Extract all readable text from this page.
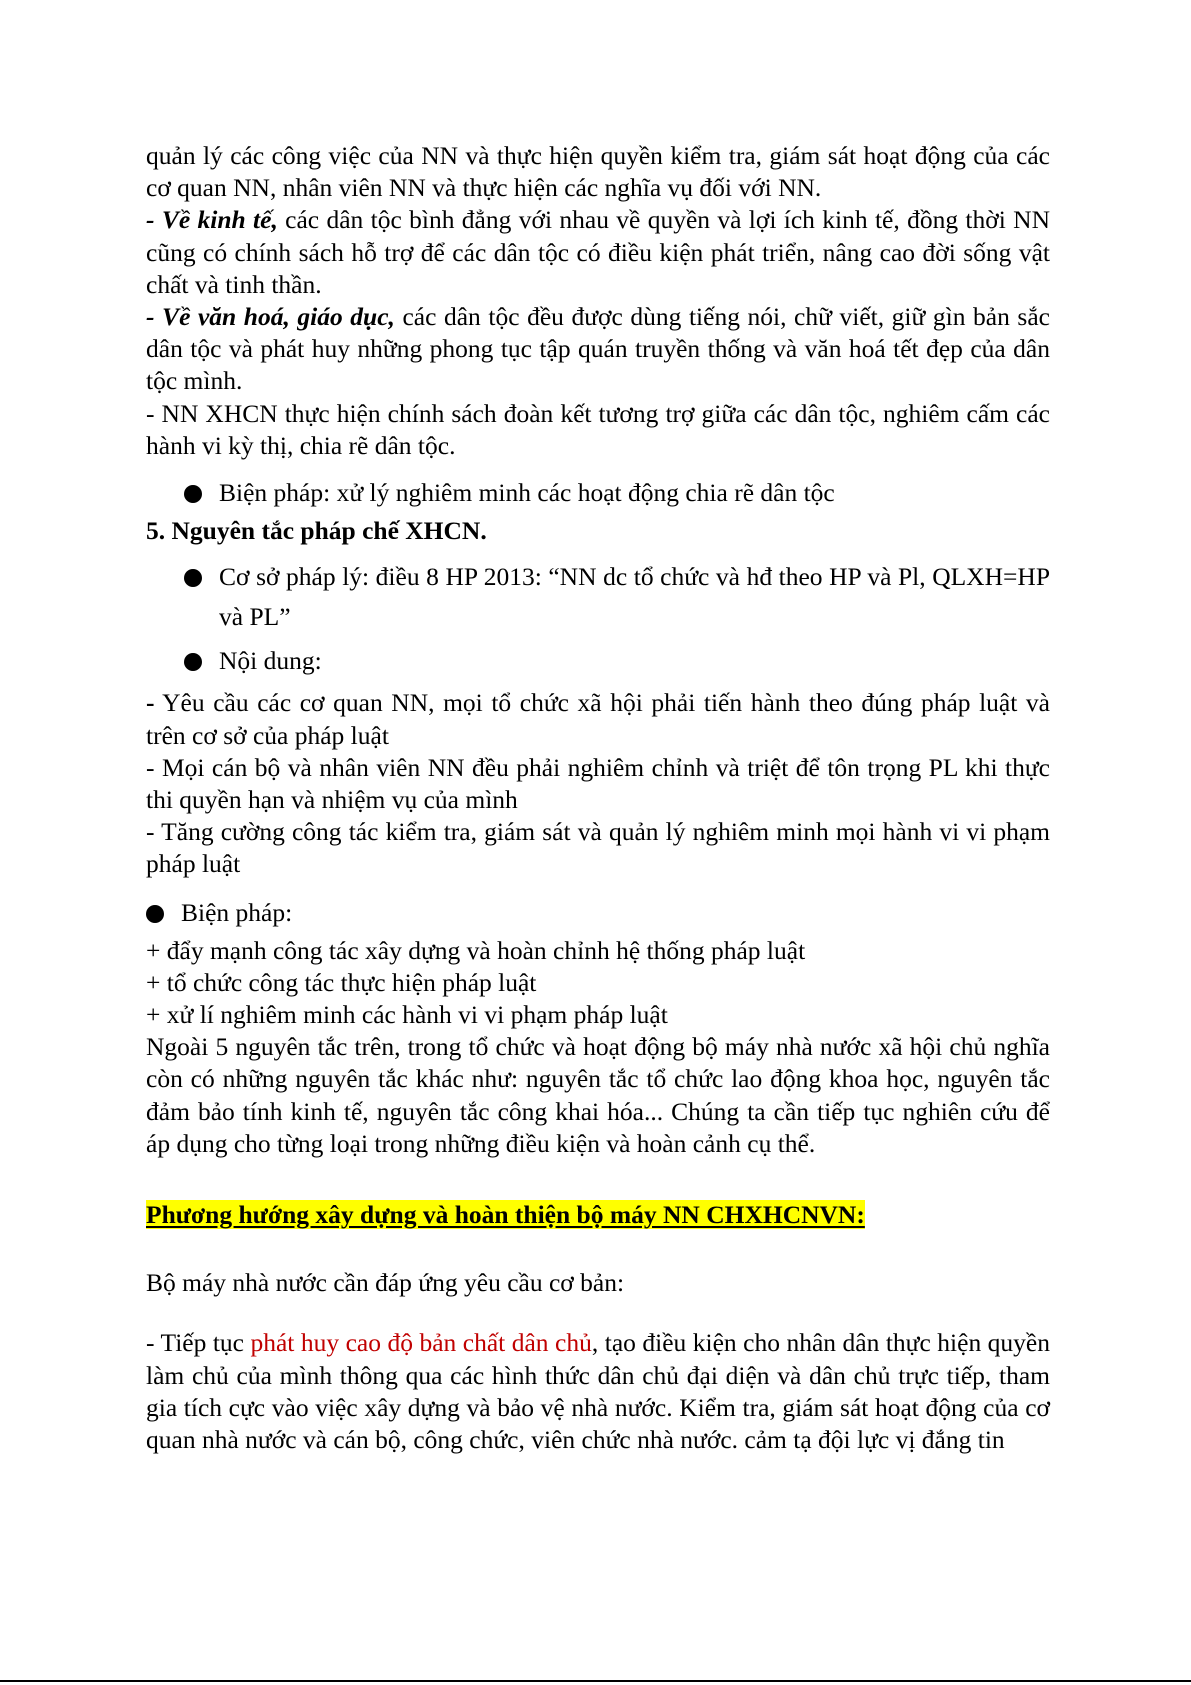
quản lý các công việc của NN và thực hiện quyền kiểm tra, giám sát hoạt động của các cơ quan NN, nhân viên NN và thực hiện các nghĩa vụ đối với NN.

- Về kinh tế, các dân tộc bình đẳng với nhau về quyền và lợi ích kinh tế, đồng thời NN cũng có chính sách hỗ trợ để các dân tộc có điều kiện phát triển, nâng cao đời sống vật chất và tinh thần.

- Về văn hoá, giáo dục, các dân tộc đều được dùng tiếng nói, chữ viết, giữ gìn bản sắc dân tộc và phát huy những phong tục tập quán truyền thống và văn hoá tết đẹp của dân tộc mình.

- NN XHCN thực hiện chính sách đoàn kết tương trợ giữa các dân tộc, nghiêm cấm các hành vi kỳ thị, chia rẽ dân tộc.

Biện pháp: xử lý nghiêm minh các hoạt động chia rẽ dân tộc

5. Nguyên tắc pháp chế XHCN.

Cơ sở pháp lý: điều 8 HP 2013: “NN dc tổ chức và hđ theo HP và Pl, QLXH=HP và PL”
Nội dung:

- Yêu cầu các cơ quan NN, mọi tổ chức xã hội phải tiến hành theo đúng pháp luật và trên cơ sở của pháp luật

- Mọi cán bộ và nhân viên NN đều phải nghiêm chỉnh và triệt để tôn trọng PL khi thực thi quyền hạn và nhiệm vụ của mình

- Tăng cường công tác kiểm tra, giám sát và quản lý nghiêm minh mọi hành vi vi phạm pháp luật

Biện pháp:

+ đẩy mạnh công tác xây dựng và hoàn chỉnh hệ thống pháp luật

+ tổ chức công tác thực hiện pháp luật

+ xử lí nghiêm minh các hành vi vi phạm pháp luật

Ngoài 5 nguyên tắc trên, trong tổ chức và hoạt động bộ máy nhà nước xã hội chủ nghĩa còn có những nguyên tắc khác như: nguyên tắc tổ chức lao động khoa học, nguyên tắc đảm bảo tính kinh tế, nguyên tắc công khai hóa... Chúng ta cần tiếp tục nghiên cứu để áp dụng cho từng loại trong những điều kiện và hoàn cảnh cụ thể.

Phương hướng xây dựng và hoàn thiện bộ máy NN CHXHCNVN:

Bộ máy nhà nước cần đáp ứng yêu cầu cơ bản:

- Tiếp tục phát huy cao độ bản chất dân chủ, tạo điều kiện cho nhân dân thực hiện quyền làm chủ của mình thông qua các hình thức dân chủ đại diện và dân chủ trực tiếp, tham gia tích cực vào việc xây dựng và bảo vệ nhà nước. Kiểm tra, giám sát hoạt động của cơ quan nhà nước và cán bộ, công chức, viên chức nhà nước. cảm tạ đội lực vị đắng tin
